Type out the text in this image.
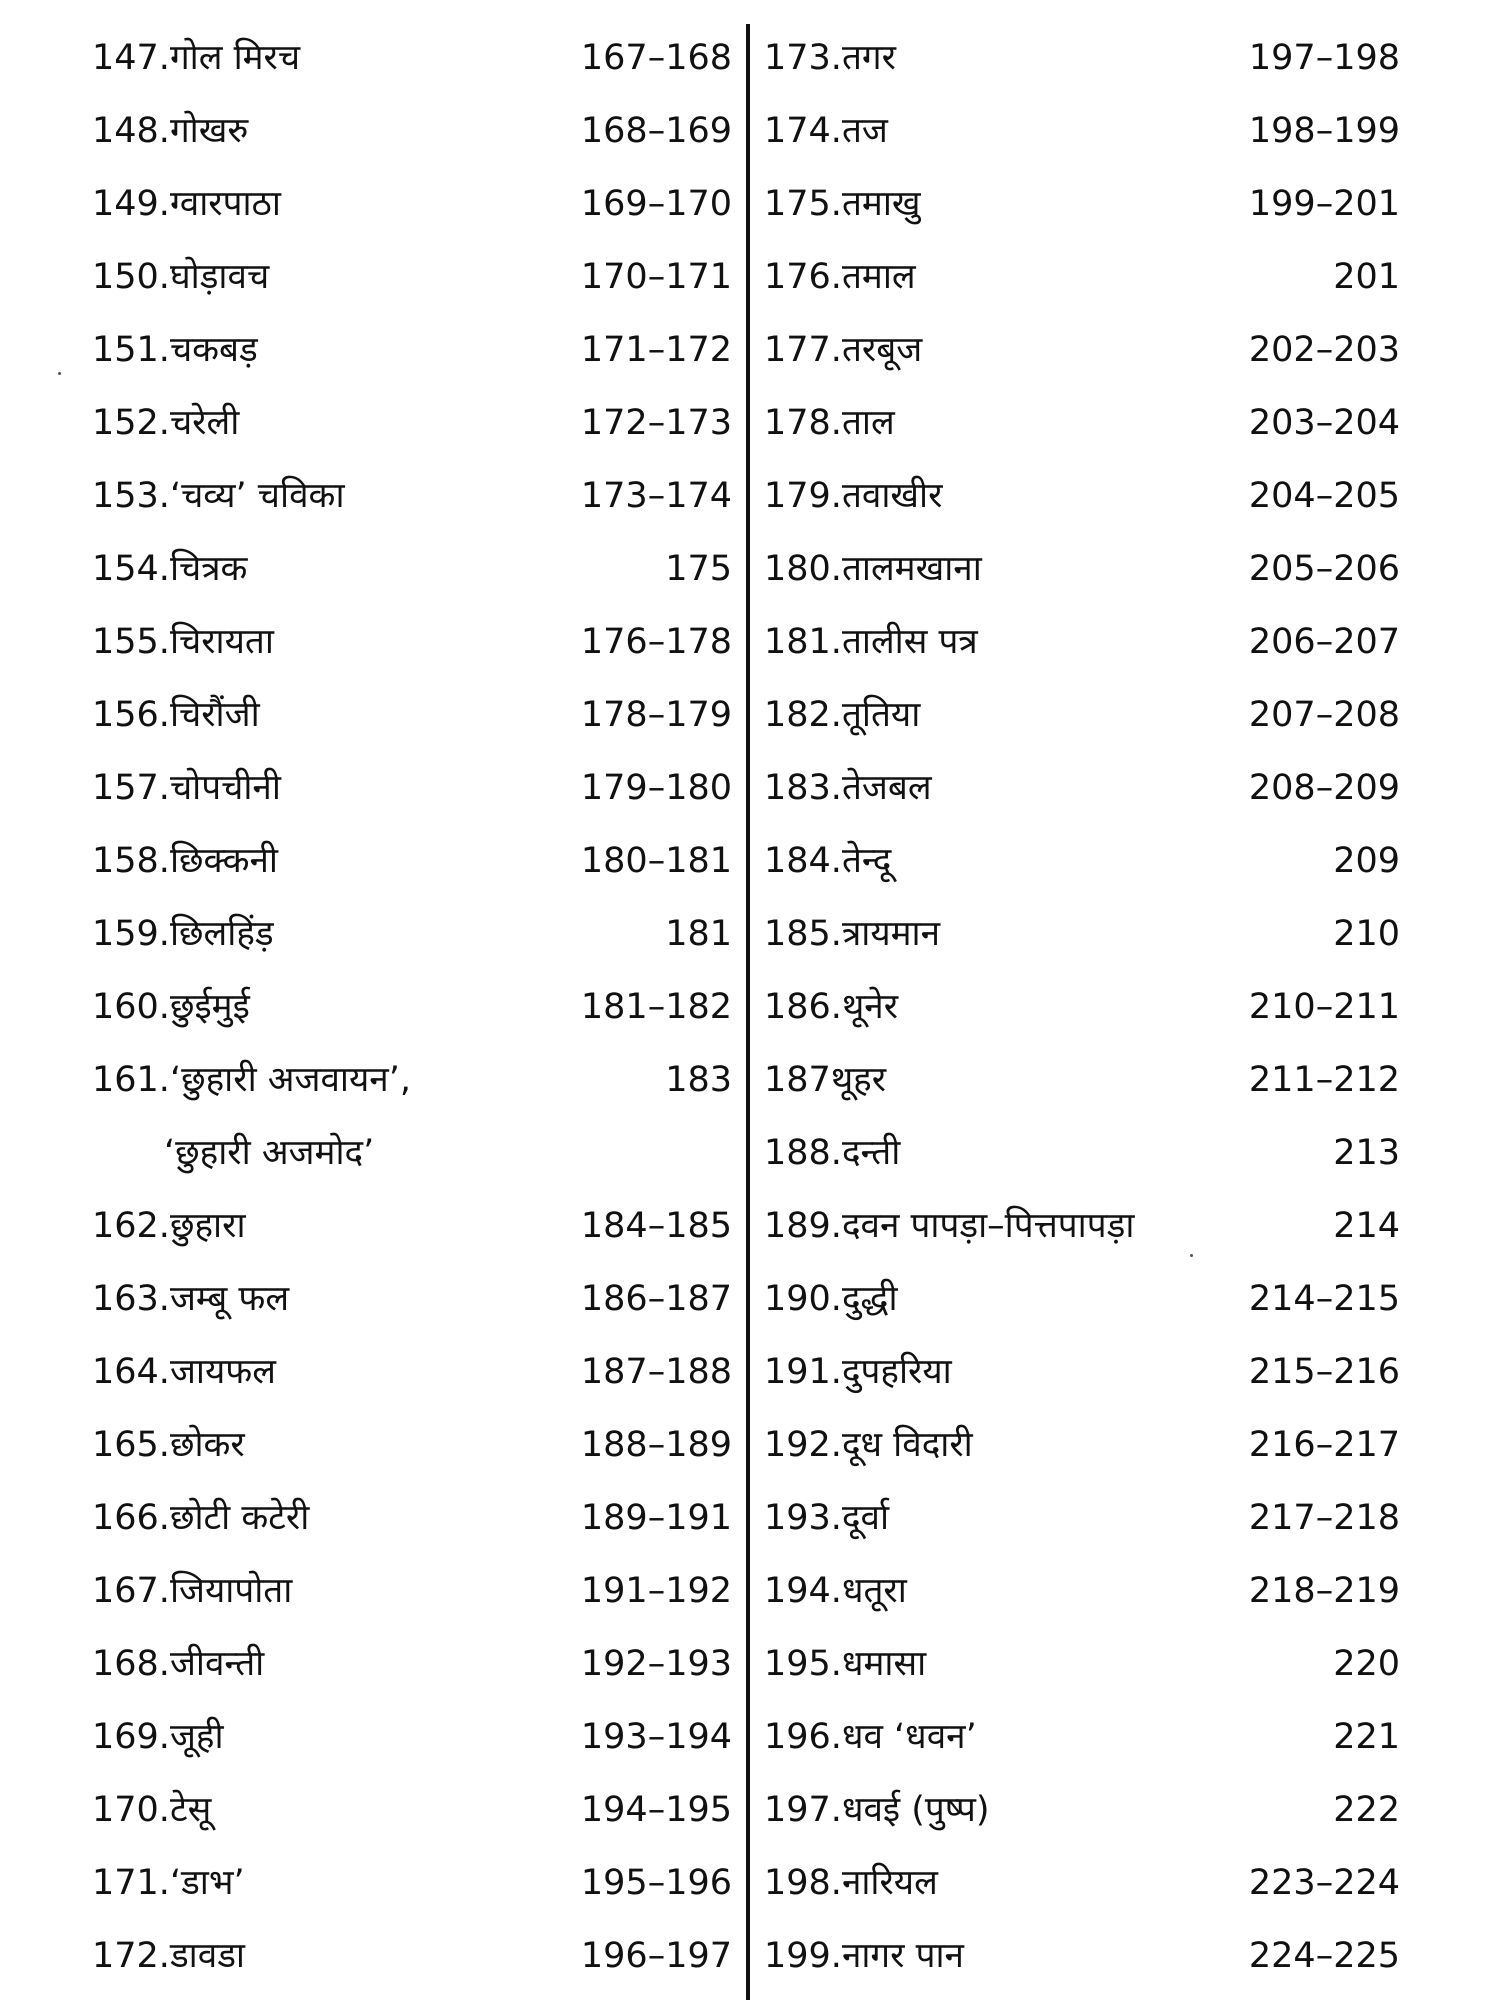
147.गोल मिरच	167–168
148.गोखरु	168–169
149.ग्वारपाठा	169–170
150.घोड़ावच	170–171
151.चकबड़	171–172
152.चरेली	172–173
153.‘चव्य’ चविका	173–174
154.चित्रक	175
155.चिरायता	176–178
156.चिरौंजी	178–179
157.चोपचीनी	179–180
158.छिक्कनी	180–181
159.छिलहिंड़	181
160.छुईमुई	181–182
161.‘छुहारी अजवायन’,	183
‘छुहारी अजमोद’
162.छुहारा	184–185
163.जम्बू फल	186–187
164.जायफल	187–188
165.छोकर	188–189
166.छोटी कटेरी	189–191
167.जियापोता	191–192
168.जीवन्ती	192–193
169.जूही	193–194
170.टेसू	194–195
171.‘डाभ’	195–196
172.डावडा	196–197
173.तगर	197–198
174.तज	198–199
175.तमाखु	199–201
176.तमाल	201
177.तरबूज	202–203
178.ताल	203–204
179.तवाखीर	204–205
180.तालमखाना	205–206
181.तालीस पत्र	206–207
182.तूतिया	207–208
183.तेजबल	208–209
184.तेन्दू	209
185.त्रायमान	210
186.थूनेर	210–211
187थूहर	211–212
188.दन्ती	213
189.दवन पापड़ा–पित्तपापड़ा	214
190.दुद्धी	214–215
191.दुपहरिया	215–216
192.दूध विदारी	216–217
193.दूर्वा	217–218
194.धतूरा	218–219
195.धमासा	220
196.धव ‘धवन’	221
197.धवई (पुष्प)	222
198.नारियल	223–224
199.नागर पान	224–225
